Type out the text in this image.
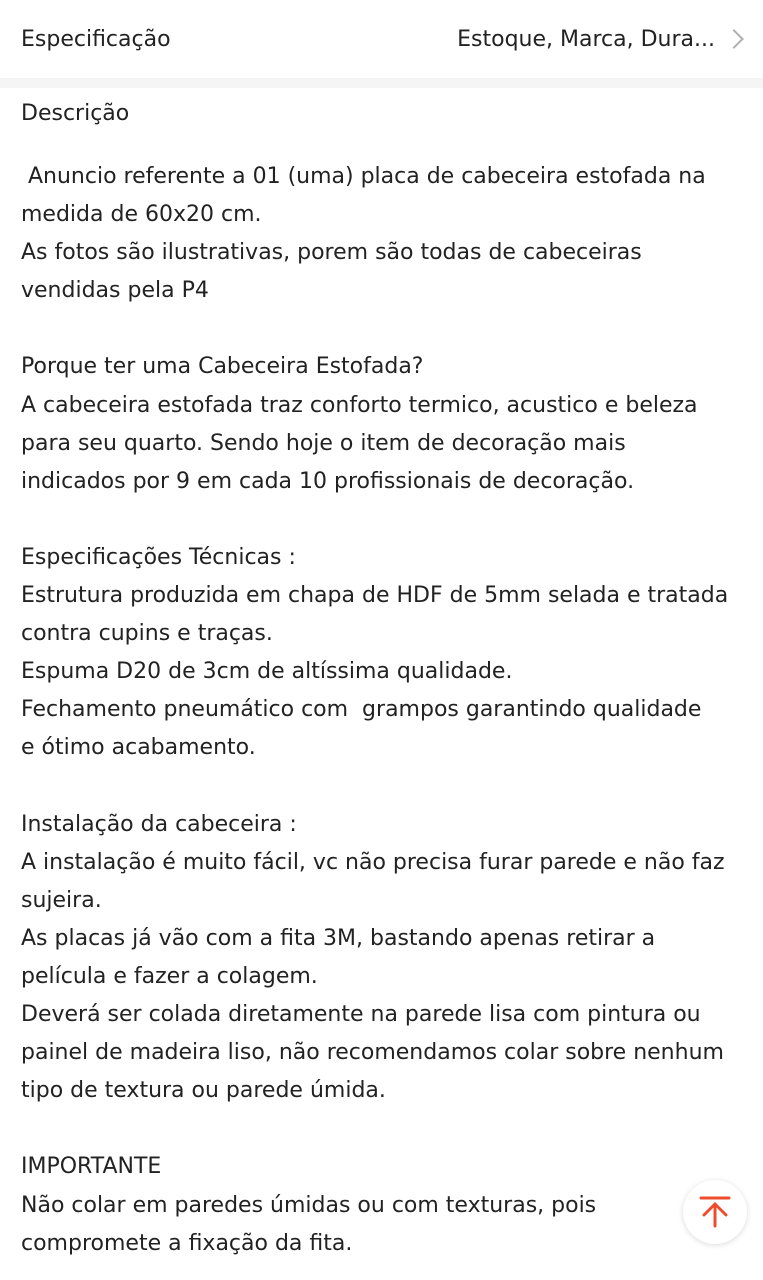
Especificação	Estoque, Marca, Dura...
Descrição
Anuncio referente a 01 (uma) placa de cabeceira estofada na
medida de 60x20 cm.
As fotos são ilustrativas, porem são todas de cabeceiras
vendidas pela P4
Porque ter uma Cabeceira Estofada?
A cabeceira estofada traz conforto termico, acustico e beleza
para seu quarto. Sendo hoje o item de decoração mais
indicados por 9 em cada 10 profissionais de decoração.
Especificações Técnicas :
Estrutura produzida em chapa de HDF de 5mm selada e tratada
contra cupins e traças.
Espuma D20 de 3cm de altíssima qualidade.
Fechamento pneumático com  grampos garantindo qualidade
e ótimo acabamento.
Instalação da cabeceira :
A instalação é muito fácil, vc não precisa furar parede e não faz
sujeira.
As placas já vão com a fita 3M, bastando apenas retirar a
película e fazer a colagem.
Deverá ser colada diretamente na parede lisa com pintura ou
painel de madeira liso, não recomendamos colar sobre nenhum
tipo de textura ou parede úmida.
IMPORTANTE
Não colar em paredes úmidas ou com texturas, pois
compromete a fixação da fita.
